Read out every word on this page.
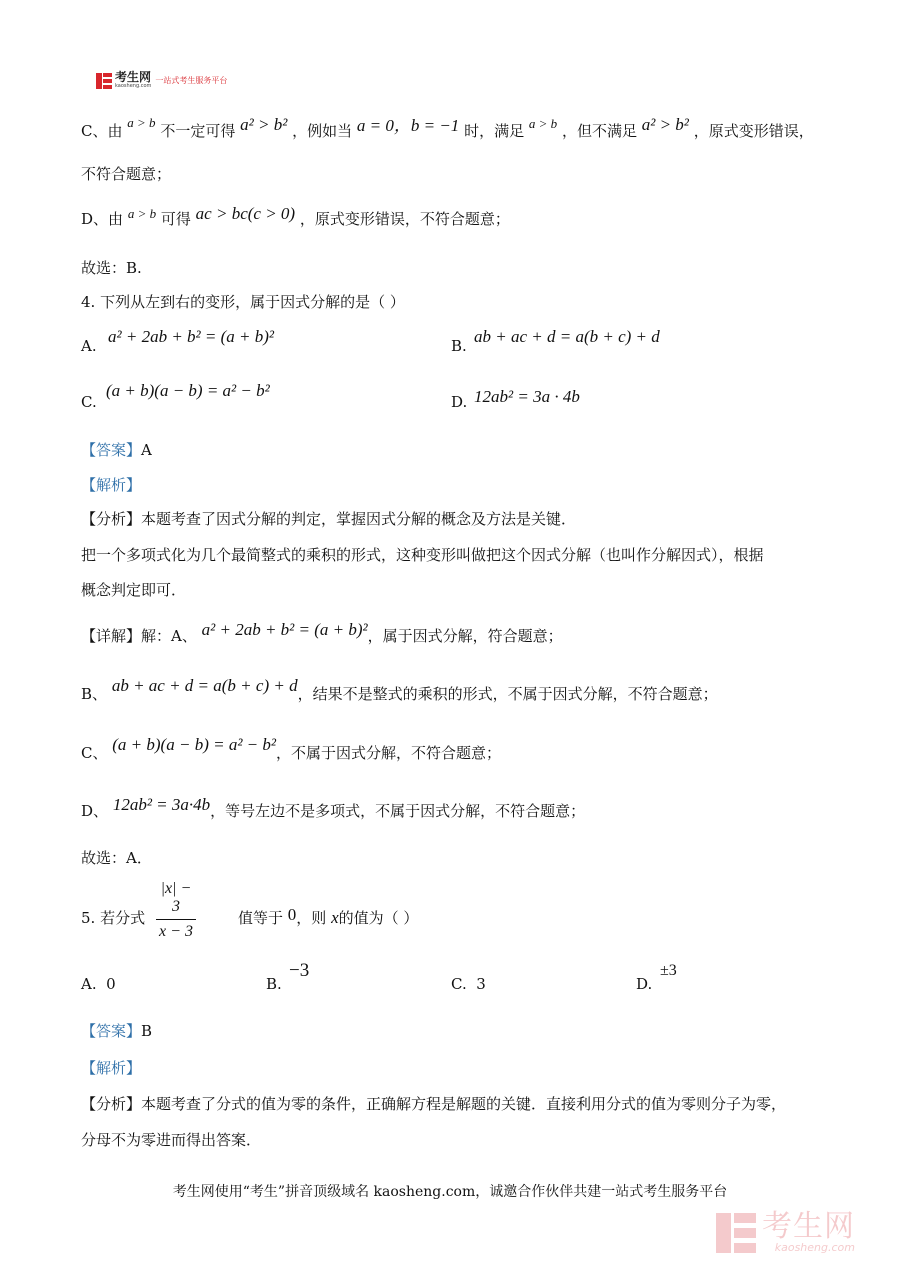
考生网
kaosheng.com
一站式考生服务平台
C、由 a > b 不一定可得 a² > b² ，例如当 a = 0，b = −1 时，满足 a > b ，但不满足 a² > b² ，原式变形错误，
不符合题意；
D、由 a > b 可得 ac > bc(c > 0) ，原式变形错误，不符合题意；
故选：B.
4. 下列从左到右的变形，属于因式分解的是（ ）
A. a² + 2ab + b² = (a + b)²	B. ab + ac + d = a(b + c) + d
C.
(a + b)(a − b) = a² − b²
D. 12ab² = 3a · 4b
【答案】A
【解析】
【分析】本题考查了因式分解的判定，掌握因式分解的概念及方法是关键．
把一个多项式化为几个最简整式的乘积的形式，这种变形叫做把这个因式分解（也叫作分解因式），根据
概念判定即可．
【详解】解：A、 a² + 2ab + b² = (a + b)²，属于因式分解，符合题意；
B、 ab + ac + d = a(b + c) + d，结果不是整式的乘积的形式，不属于因式分解，不符合题意；
C、 (a + b)(a − b) = a² − b²，不属于因式分解，不符合题意；
D、 12ab² = 3a·4b，等号左边不是多项式，不属于因式分解，不符合题意；
故选：A．
5. 若分式
|x| − 3
x − 3
值等于 0，则 x的值为（ ）
A. 0	B.
−3
C. 3	D.
±3
【答案】B
【解析】
【分析】本题考查了分式的值为零的条件，正确解方程是解题的关键．直接利用分式的值为零则分子为零，
分母不为零进而得出答案．
考生网使用“考生”拼音顶级域名 kaosheng.com，诚邀合作伙伴共建一站式考生服务平台
考生网
kaosheng.com
